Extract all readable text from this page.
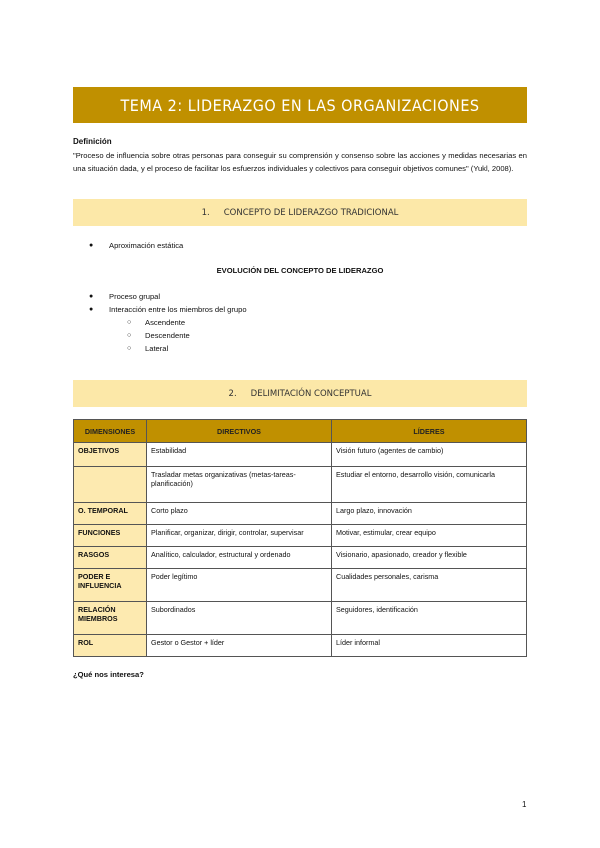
TEMA 2: LIDERAZGO EN LAS ORGANIZACIONES
Definición
"Proceso de influencia sobre otras personas para conseguir su comprensión y consenso sobre las acciones y medidas necesarias en una situación dada, y el proceso de facilitar los esfuerzos individuales y colectivos para conseguir objetivos comunes" (Yukl, 2008).
1. CONCEPTO DE LIDERAZGO TRADICIONAL
● Aproximación estática
EVOLUCIÓN DEL CONCEPTO DE LIDERAZGO
● Proceso grupal
● Interacción entre los miembros del grupo
○ Ascendente
○ Descendente
○ Lateral
2. DELIMITACIÓN CONCEPTUAL
DIMENSIONES	DIRECTIVOS	LÍDERES
OBJETIVOS	Estabilidad	Visión futuro (agentes de cambio)
	Trasladar metas organizativas (metas-tareas-planificación)	Estudiar el entorno, desarrollo visión, comunicarla
O. TEMPORAL	Corto plazo	Largo plazo, innovación
FUNCIONES	Planificar, organizar, dirigir, controlar, supervisar	Motivar, estimular, crear equipo
RASGOS	Analítico, calculador, estructural y ordenado	Visionario, apasionado, creador y flexible
PODER E INFLUENCIA	Poder legítimo	Cualidades personales, carisma
RELACIÓN MIEMBROS	Subordinados	Seguidores, identificación
ROL	Gestor o Gestor + líder	Líder informal
¿Qué nos interesa?
1
